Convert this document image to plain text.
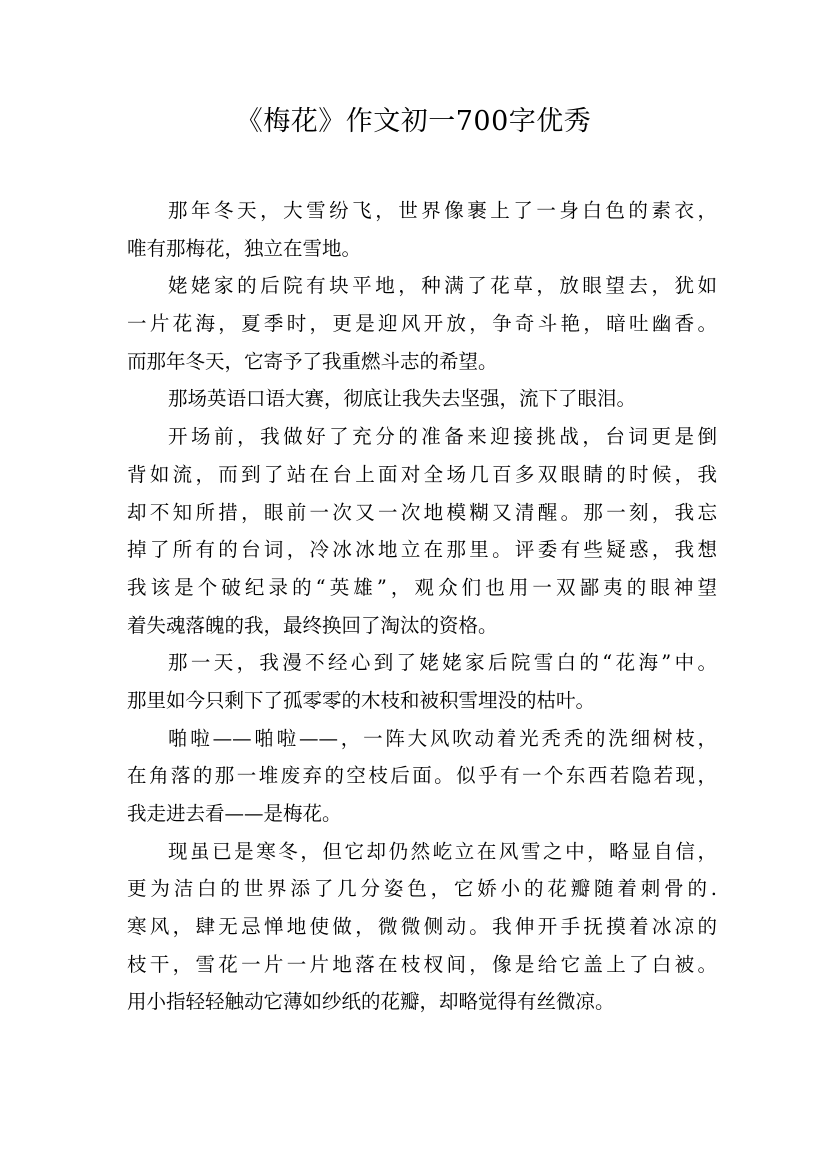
《梅花》作文初一700字优秀
那年冬天，大雪纷飞，世界像裹上了一身白色的素衣，
唯有那梅花，独立在雪地。
姥姥家的后院有块平地，种满了花草，放眼望去，犹如
一片花海，夏季时，更是迎风开放，争奇斗艳，暗吐幽香。
而那年冬天，它寄予了我重燃斗志的希望。
那场英语口语大赛，彻底让我失去坚强，流下了眼泪。
开场前，我做好了充分的准备来迎接挑战，台词更是倒
背如流，而到了站在台上面对全场几百多双眼睛的时候，我
却不知所措，眼前一次又一次地模糊又清醒。那一刻，我忘
掉了所有的台词，冷冰冰地立在那里。评委有些疑惑，我想
我该是个破纪录的“英雄”，观众们也用一双鄙夷的眼神望
着失魂落魄的我，最终换回了淘汰的资格。
那一天，我漫不经心到了姥姥家后院雪白的“花海”中。
那里如今只剩下了孤零零的木枝和被积雪埋没的枯叶。
啪啦——啪啦——，一阵大风吹动着光秃秃的洗细树枝，
在角落的那一堆废弃的空枝后面。似乎有一个东西若隐若现，
我走进去看——是梅花。
现虽已是寒冬，但它却仍然屹立在风雪之中，略显自信，
更为洁白的世界添了几分姿色，它娇小的花瓣随着刺骨的.
寒风，肆无忌惮地使做，微微侧动。我伸开手抚摸着冰凉的
枝干，雪花一片一片地落在枝杈间，像是给它盖上了白被。
用小指轻轻触动它薄如纱纸的花瓣，却略觉得有丝微凉。
